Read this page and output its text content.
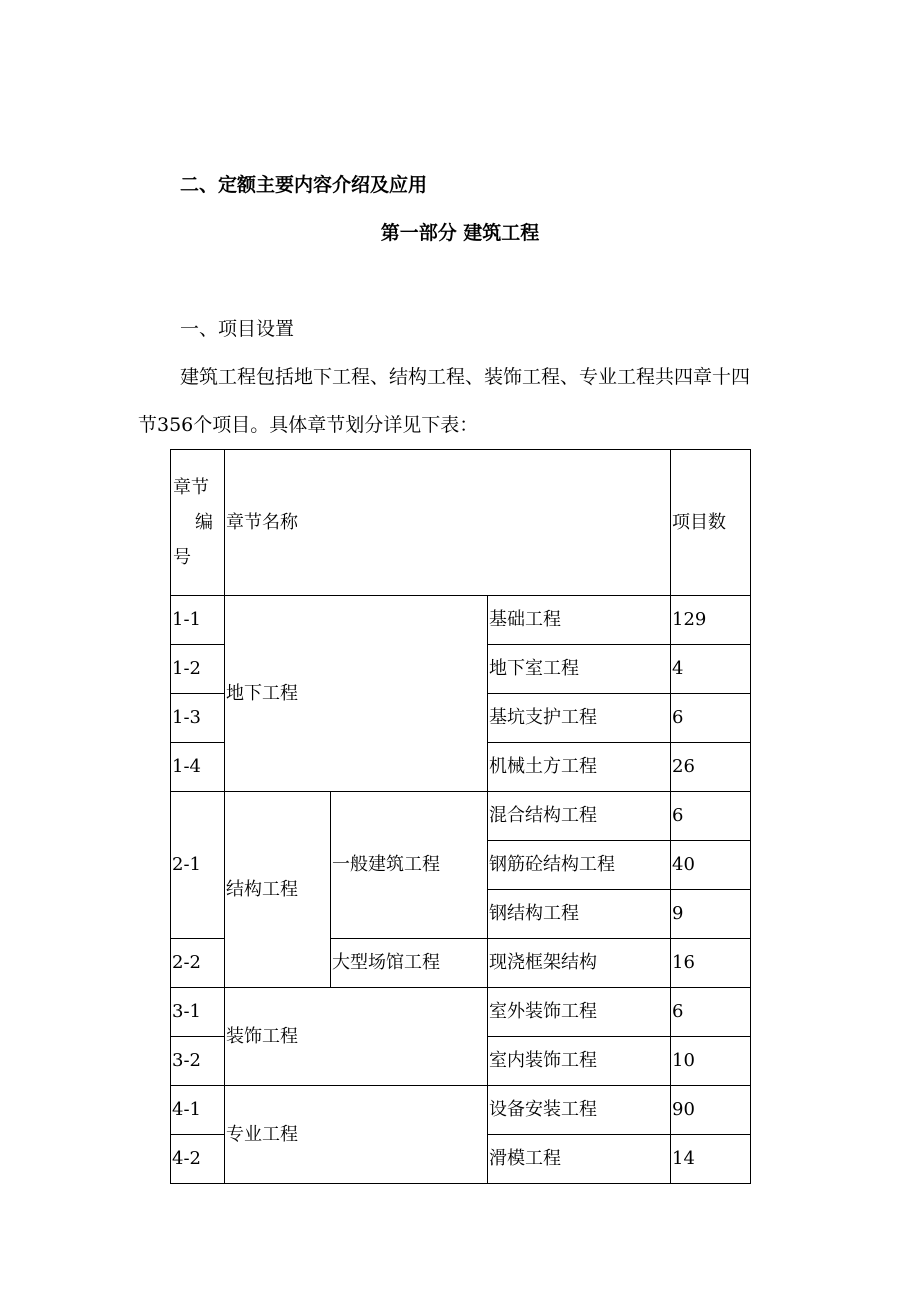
二、定额主要内容介绍及应用
第一部分 建筑工程
一、项目设置
建筑工程包括地下工程、结构工程、装饰工程、专业工程共四章十四
节356个项目。具体章节划分详见下表：
章节
编
号	章节名称			项目数
1-1	地下工程		基础工程	129
1-2			地下室工程	4
1-3			基坑支护工程	6
1-4			机械土方工程	26
2-1	结构工程	一般建筑工程	混合结构工程	6
			钢筋砼结构工程	40
			钢结构工程	9
2-2		大型场馆工程	现浇框架结构	16
3-1	装饰工程		室外装饰工程	6
3-2			室内装饰工程	10
4-1	专业工程		设备安装工程	90
4-2			滑模工程	14
